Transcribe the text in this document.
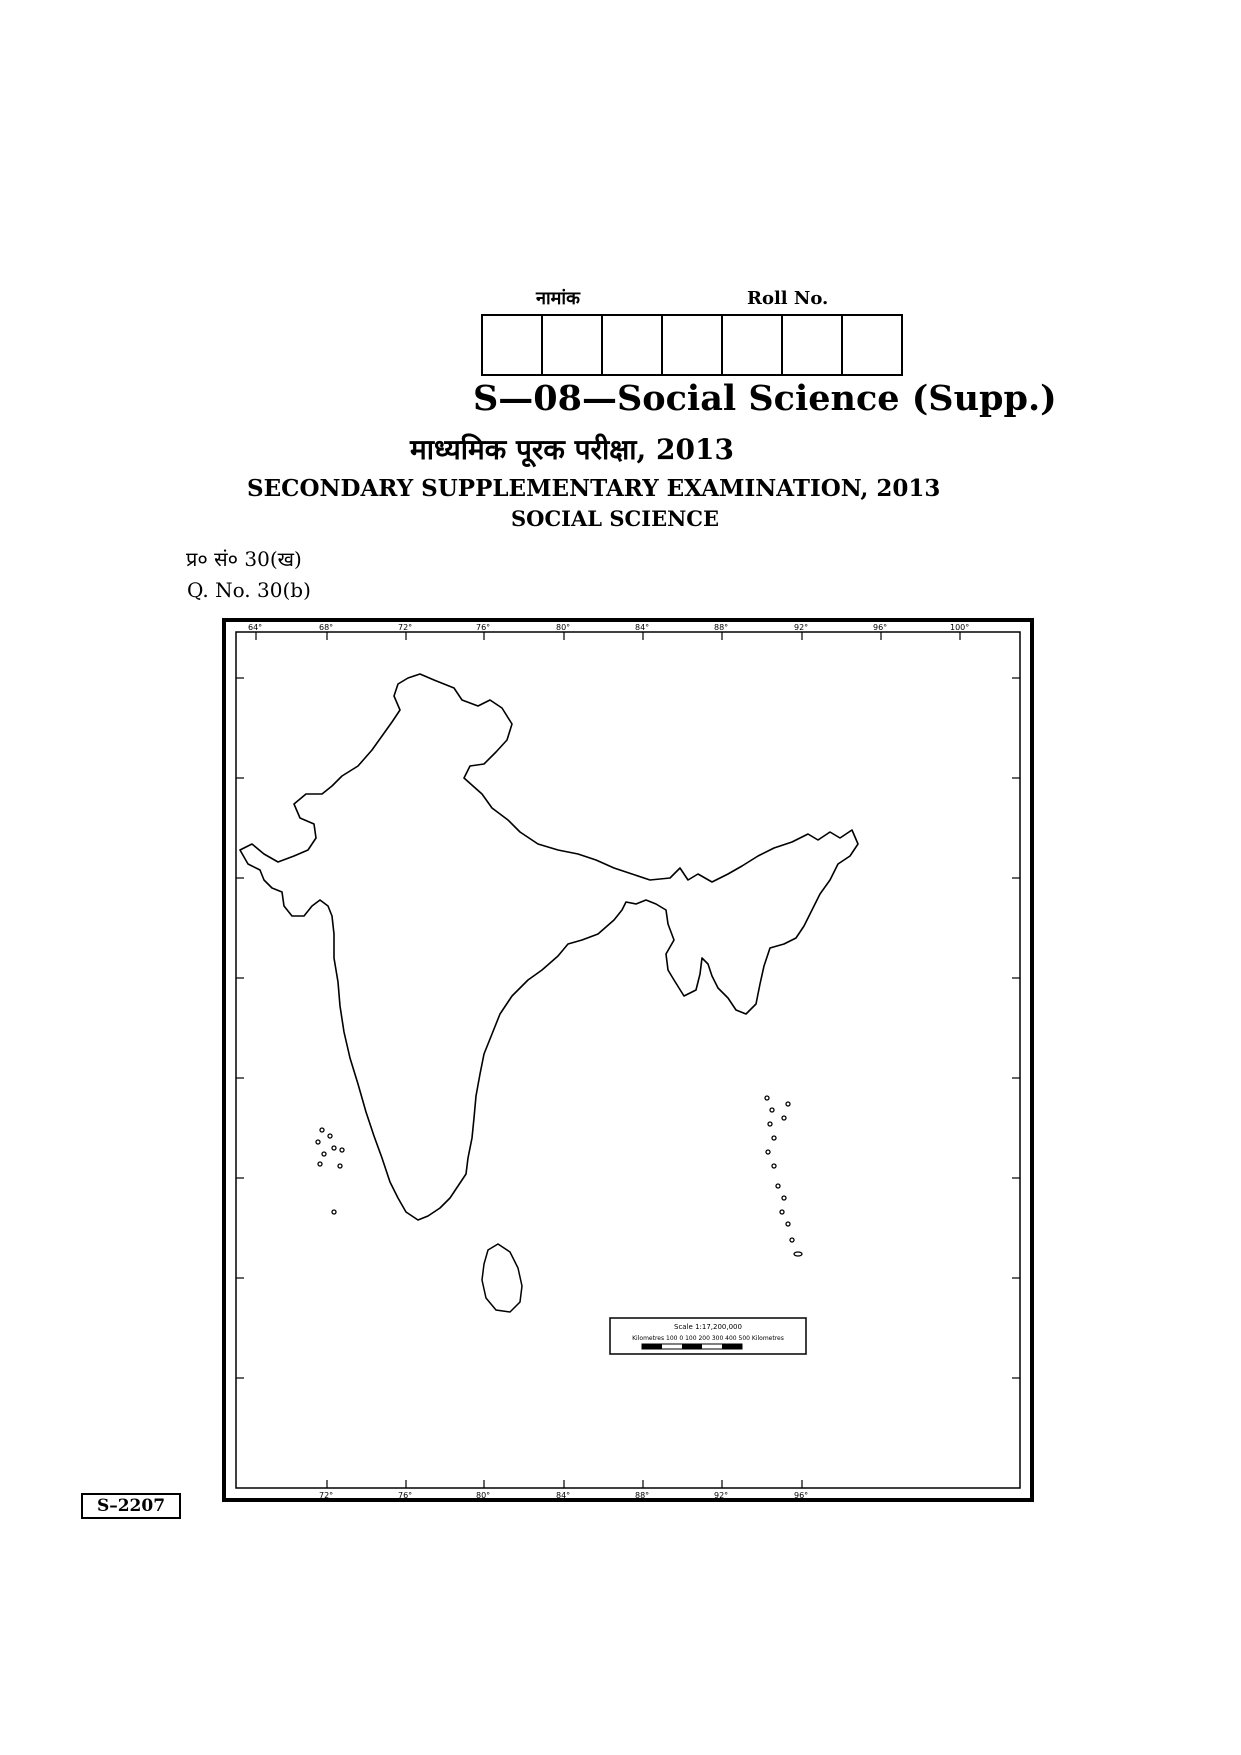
नामांक	Roll No.
S—08—Social Science (Supp.)
माध्यमिक पूरक परीक्षा, 2013
SECONDARY SUPPLEMENTARY EXAMINATION, 2013
SOCIAL SCIENCE
प्र० सं० 30(ख)
Q. No. 30(b)
64°	68°	72°	76°	80°	84°	88°	92°	96°	100°
72°	76°	80°	84°	88°	92°	96°
Scale 1:17,200,000
Kilometres 100 0 100 200 300 400 500 Kilometres
S–2207
